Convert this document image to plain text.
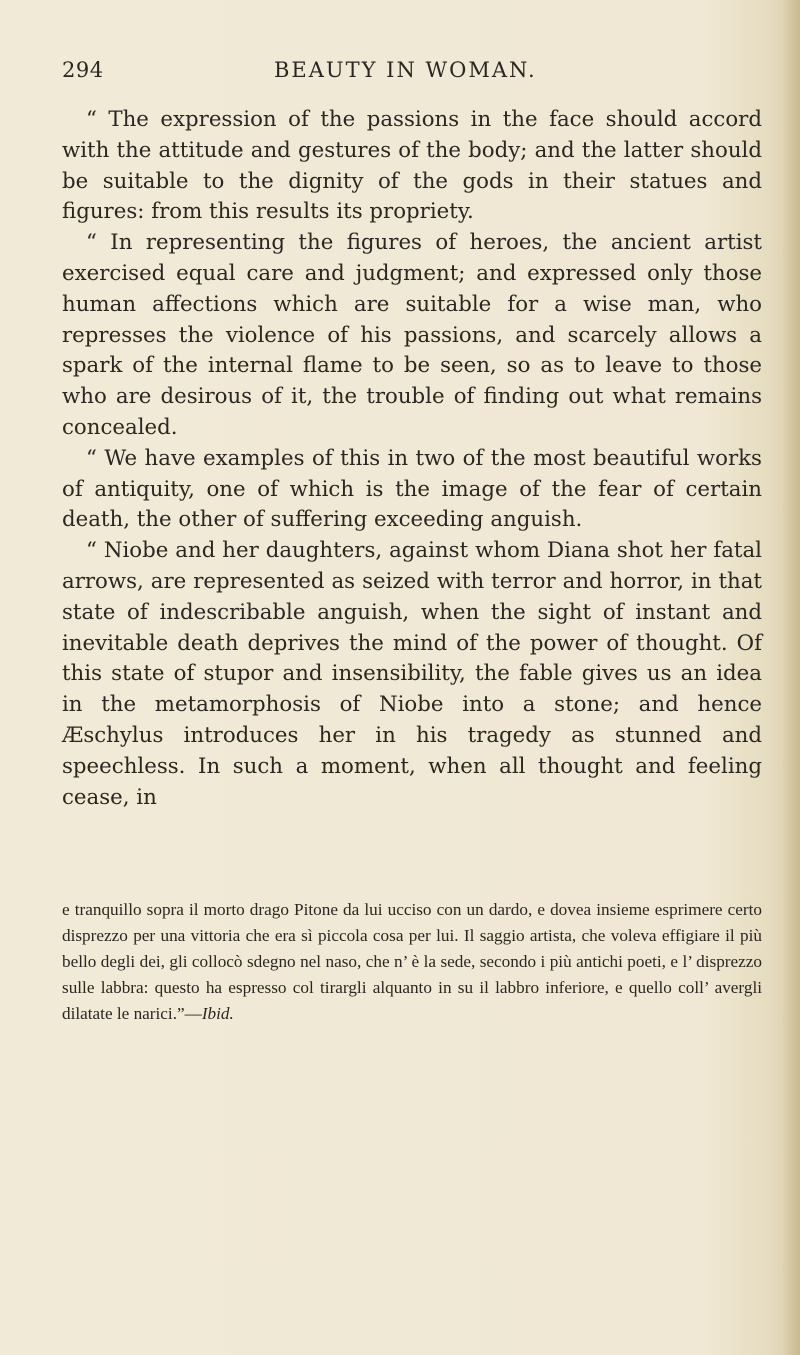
294	BEAUTY IN WOMAN.

“ The expression of the passions in the face should accord with the attitude and gestures of the body; and the latter should be suitable to the dignity of the gods in their statues and figures: from this results its propriety.

“ In representing the figures of heroes, the ancient artist exercised equal care and judgment; and expressed only those human affections which are suitable for a wise man, who represses the violence of his passions, and scarcely allows a spark of the internal flame to be seen, so as to leave to those who are desirous of it, the trouble of finding out what remains concealed.

“ We have examples of this in two of the most beautiful works of antiquity, one of which is the image of the fear of certain death, the other of suffering exceeding anguish.

“ Niobe and her daughters, against whom Diana shot her fatal arrows, are represented as seized with terror and horror, in that state of indescribable anguish, when the sight of instant and inevitable death deprives the mind of the power of thought. Of this state of stupor and insensibility, the fable gives us an idea in the metamorphosis of Niobe into a stone; and hence Æschylus introduces her in his tragedy as stunned and speechless. In such a moment, when all thought and feeling cease, in

e tranquillo sopra il morto drago Pitone da lui ucciso con un dardo, e dovea insieme esprimere certo disprezzo per una vittoria che era sì piccola cosa per lui. Il saggio artista, che voleva effigiare il più bello degli dei, gli collocò sdegno nel naso, che n’ è la sede, secondo i più antichi poeti, e l’ disprezzo sulle labbra: questo ha espresso col tirargli alquanto in su il labbro inferiore, e quello coll’ avergli dilatate le narici.”—Ibid.
